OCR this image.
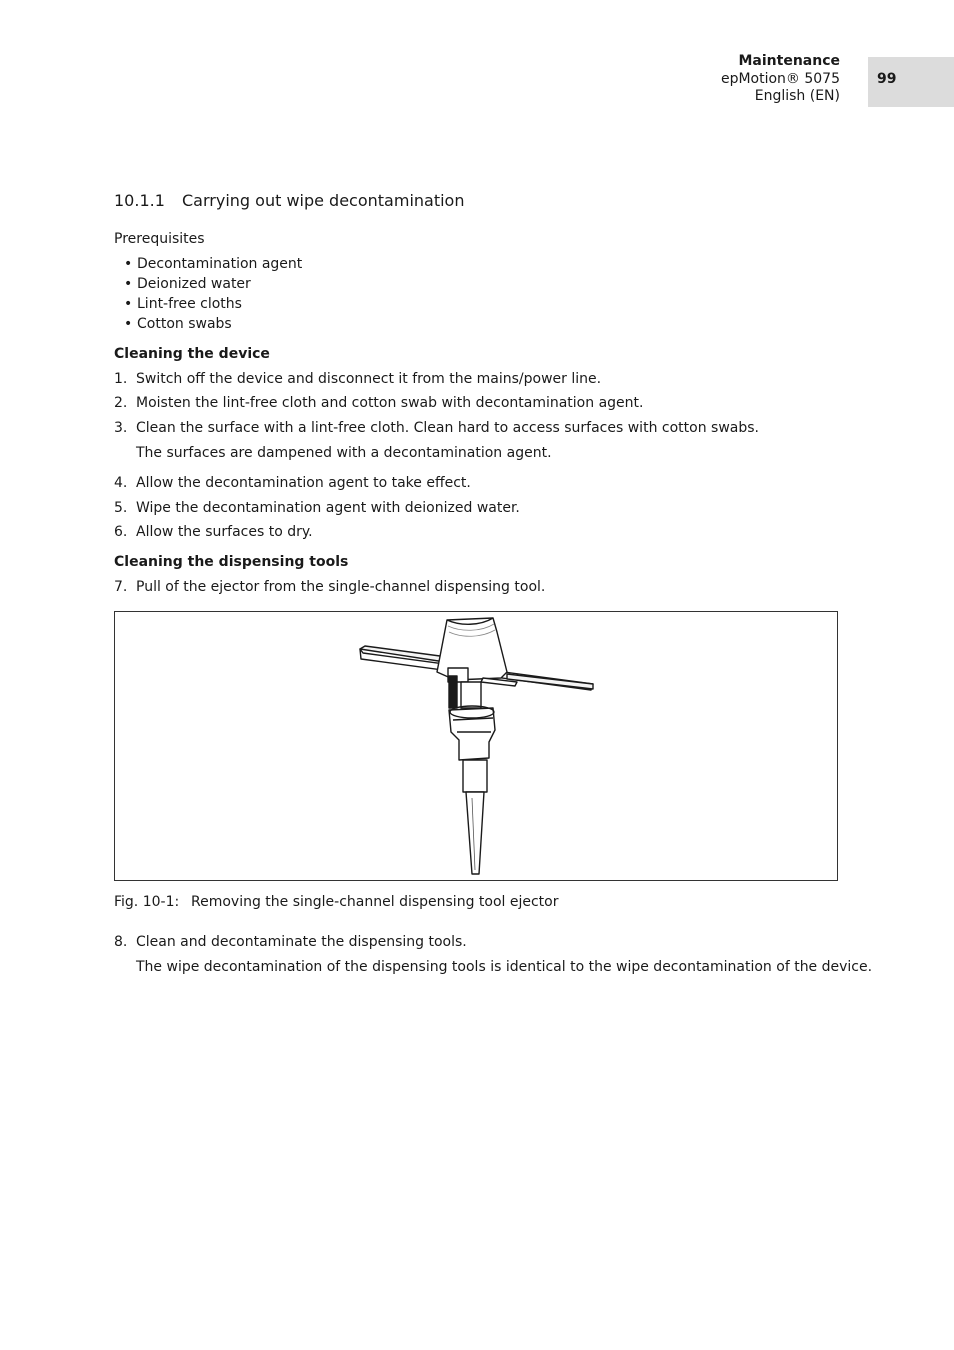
Maintenance
epMotion® 5075
English (EN)
99
10.1.1 Carrying out wipe decontamination
Prerequisites
• Decontamination agent
• Deionized water
• Lint-free cloths
• Cotton swabs
Cleaning the device
1. Switch off the device and disconnect it from the mains/power line.
2. Moisten the lint-free cloth and cotton swab with decontamination agent.
3. Clean the surface with a lint-free cloth. Clean hard to access surfaces with cotton swabs.
The surfaces are dampened with a decontamination agent.
4. Allow the decontamination agent to take effect.
5. Wipe the decontamination agent with deionized water.
6. Allow the surfaces to dry.
Cleaning the dispensing tools
7. Pull of the ejector from the single-channel dispensing tool.
Fig. 10-1: Removing the single-channel dispensing tool ejector
8. Clean and decontaminate the dispensing tools.
The wipe decontamination of the dispensing tools is identical to the wipe decontamination of the device.
